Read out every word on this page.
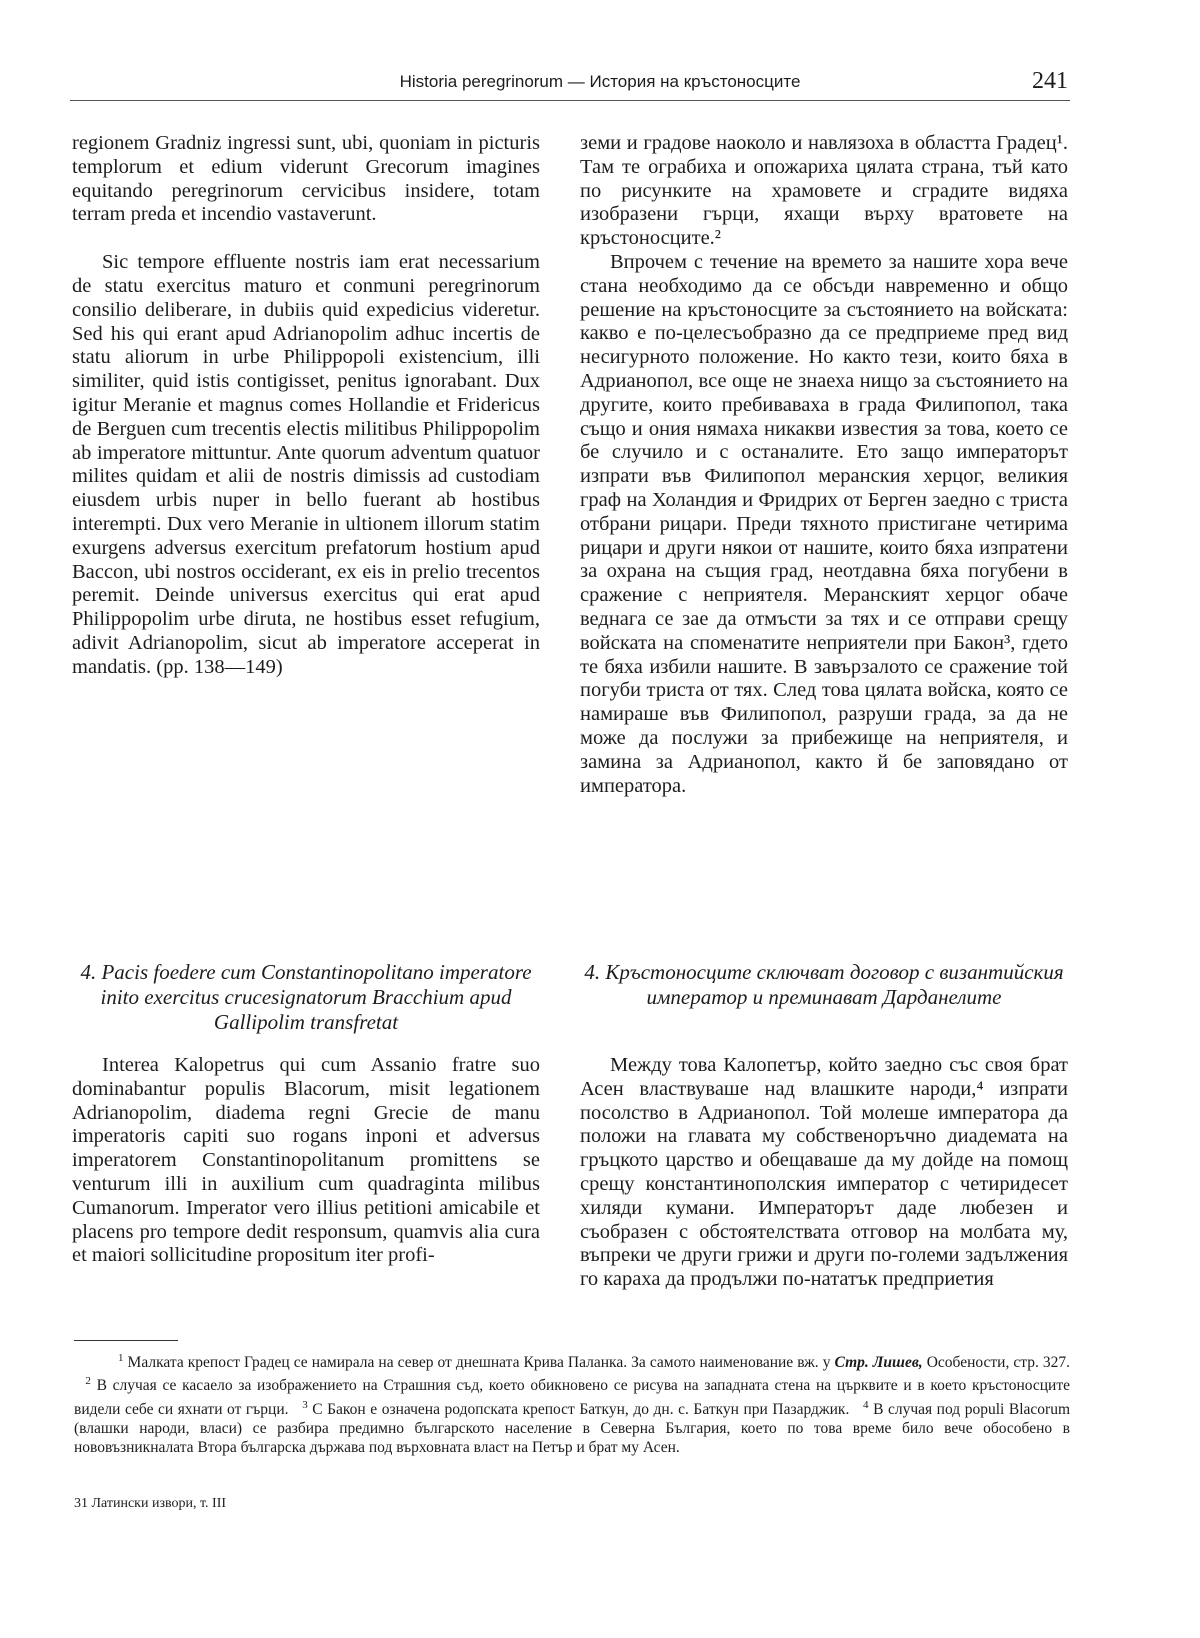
Historia peregrinorum — История на кръстоносците	241

regionem Gradniz ingressi sunt, ubi, quoniam in picturis templorum et edium viderunt Grecorum imagines equitando peregrinorum cervicibus insidere, totam terram preda et incendio vastaverunt.

Sic tempore effluente nostris iam erat necessarium de statu exercitus maturo et conmuni peregrinorum consilio deliberare, in dubiis quid expedicius videretur. Sed his qui erant apud Adrianopolim adhuc incertis de statu aliorum in urbe Philippopoli existencium, illi similiter, quid istis contigisset, penitus ignorabant. Dux igitur Meranie et magnus comes Hollandie et Fridericus de Berguen cum trecentis electis militibus Philippopolim ab imperatore mittuntur. Ante quorum adventum quatuor milites quidam et alii de nostris dimissis ad custodiam eiusdem urbis nuper in bello fuerant ab hostibus interempti. Dux vero Meranie in ultionem illorum statim exurgens adversus exercitum prefatorum hostium apud Baccon, ubi nostros occiderant, ex eis in prelio trecentos peremit. Deinde universus exercitus qui erat apud Philippopolim urbe diruta, ne hostibus esset refugium, adivit Adrianopolim, sicut ab imperatore acceperat in mandatis. (pp. 138—149)

земи и градове наоколо и навлязоха в областта Градец¹. Там те ограбиха и опожариха цялата страна, тъй като по рисунките на храмовете и сградите видяха изобразени гърци, яхащи върху вратовете на кръстоносците.²

Впрочем с течение на времето за нашите хора вече стана необходимо да се обсъди навременно и общо решение на кръстоносците за състоянието на войската: какво е по-целесъобразно да се предприеме пред вид несигурното положение. Но както тези, които бяха в Адрианопол, все още не знаеха нищо за състоянието на другите, които пребиваваха в града Филипопол, така също и ония нямаха никакви известия за това, което се бе случило и с останалите. Ето защо императорът изпрати във Филипопол меранския херцог, великия граф на Холандия и Фридрих от Берген заедно с триста отбрани рицари. Преди тяхното пристигане четирима рицари и други някои от нашите, които бяха изпратени за охрана на същия град, неотдавна бяха погубени в сражение с неприятеля. Меранският херцог обаче веднага се зае да отмъсти за тях и се отправи срещу войската на споменатите неприятели при Бакон³, гдето те бяха избили нашите. В завързалото се сражение той погуби триста от тях. След това цялата войска, която се намираше във Филипопол, разруши града, за да не може да послужи за прибежище на неприятеля, и замина за Адрианопол, както й бе заповядано от императора.

4. Pacis foedere cum Constantinopolitano imperatore inito exercitus crucesignatorum Bracchium apud Gallipolim transfretat
4. Кръстоносците сключват договор с византийския император и преминават Дарданелите

Interea Kalopetrus qui cum Assanio fratre suo dominabantur populis Blacorum, misit legationem Adrianopolim, diadema regni Grecie de manu imperatoris capiti suo rogans inponi et adversus imperatorem Constantinopolitanum promittens se venturum illi in auxilium cum quadraginta milibus Cumanorum. Imperator vero illius petitioni amicabile et placens pro tempore dedit responsum, quamvis alia cura et maiori sollicitudine propositum iter profi-

Между това Калопетър, който заедно със своя брат Асен властвуваше над влашките народи,⁴ изпрати посолство в Адрианопол. Той молеше императора да положи на главата му собственоръчно диадемата на гръцкото царство и обещаваше да му дойде на помощ срещу константинополския император с четиридесет хиляди кумани. Императорът даде любезен и съобразен с обстоятелствата отговор на молбата му, въпреки че други грижи и други по-големи задължения го караха да продължи по-нататък предприетия

$^1$ Малката крепост Градец се намирала на север от днешната Крива Паланка. За самото наименование вж. у Стр. Лишев, Особености, стр. 327.   $^2$ В случая се касаело за изображението на Страшния съд, което обикновено се рисува на западната стена на църквите и в което кръстоносците видели себе си яхнати от гърци. $^3$ С Бакон е означена родопската крепост Баткун, до дн. с. Баткун при Пазарджик. $^4$ В случая под populi Blacorum (влашки народи, власи) се разбира предимно българското население в Северна България, което по това време било вече обособено в нововъзникналата Втора българска държава под върховната власт на Петър и брат му Асен.

31 Латински извори, т. III
